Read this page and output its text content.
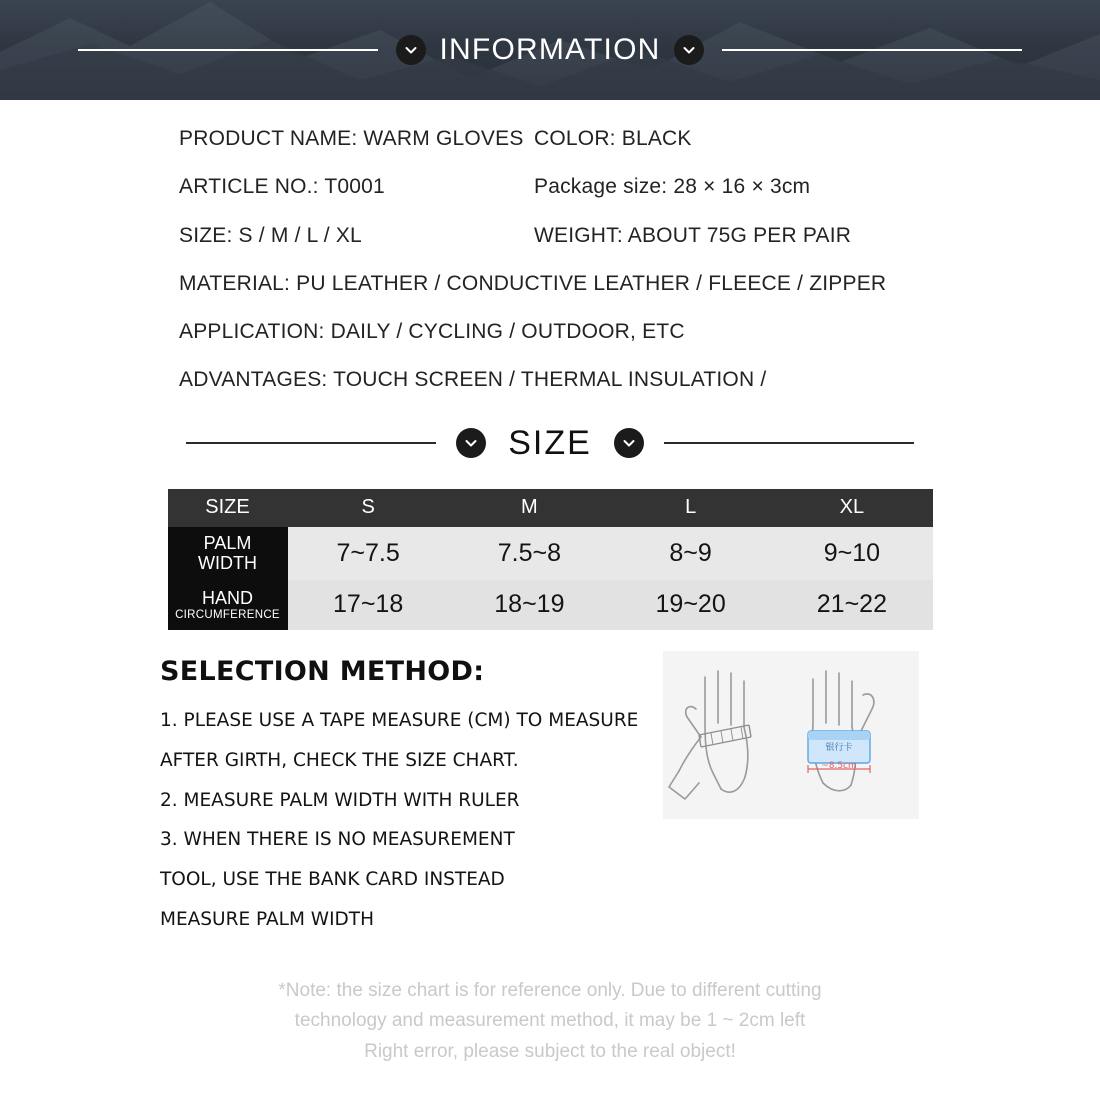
INFORMATION
PRODUCT NAME: WARM GLOVES COLOR: BLACK
ARTICLE NO.: T0001	Package size: 28 × 16 × 3cm
SIZE: S / M / L / XL	WEIGHT: ABOUT 75G PER PAIR
MATERIAL: PU LEATHER / CONDUCTIVE LEATHER / FLEECE / ZIPPER
APPLICATION: DAILY / CYCLING / OUTDOOR, ETC
ADVANTAGES: TOUCH SCREEN / THERMAL INSULATION /
SIZE
SIZE	S	M	L	XL
PALM
WIDTH	7~7.5	7.5~8	8~9	9~10
HAND
CIRCUMFERENCE	17~18	18~19	19~20	21~22
SELECTION METHOD:

1. PLEASE USE A TAPE MEASURE (CM) TO MEASURE

AFTER GIRTH, CHECK THE SIZE CHART.

2. MEASURE PALM WIDTH WITH RULER

3. WHEN THERE IS NO MEASUREMENT

TOOL, USE THE BANK CARD INSTEAD

MEASURE PALM WIDTH

银行卡
~8.5cm

*Note: the size chart is for reference only. Due to different cutting

technology and measurement method, it may be 1 ~ 2cm left

Right error, please subject to the real object!
